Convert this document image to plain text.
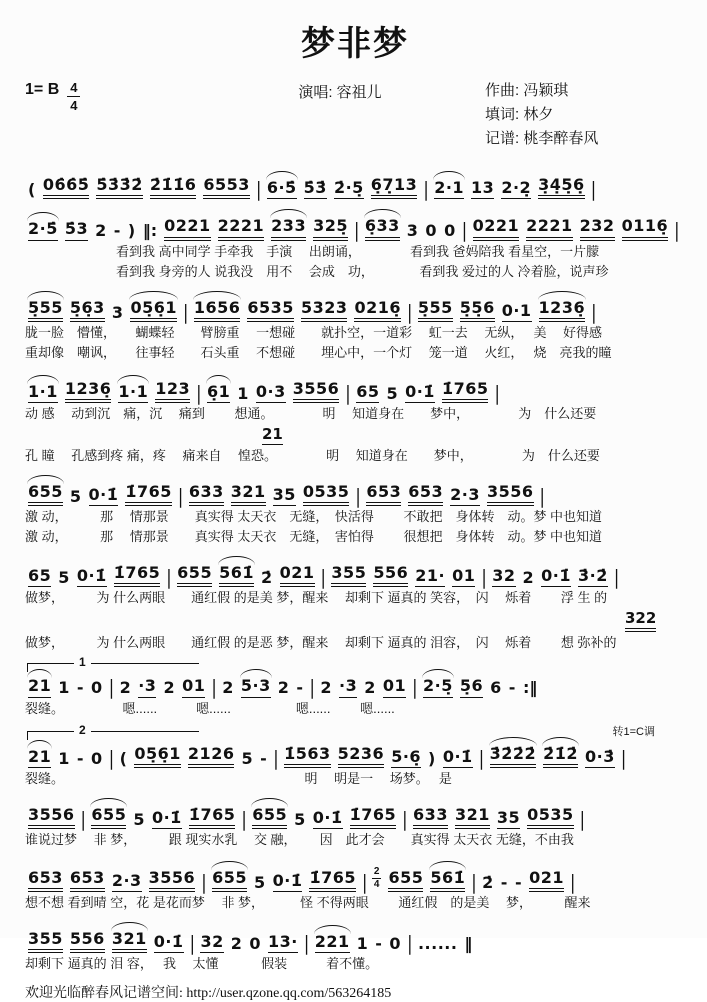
梦非梦
1= B $\frac{4}{4}$	演唱: 容祖儿	作曲: 冯颖琪
填词: 林夕
记谱: 桃李醉春风
( 06̇6̇5̇ 5̇3̇3̇2̇ 2̇1̇1̇6 6553 | 6·5̇ 5̇3̇ 2̇·5̣ 6̣7̣13 | 2·1 13 2·2̣ 3̣4̣5̣6̣ |
2·5̇ 5̇3 2 - ) ‖: 0221 2221 233 325̣ | 6̣33 3 0 0 | 0221 2221 232 0116̣ |
　　　　　　　看到我 高中同学 手牵我　手演　 出朗诵，　　　　 看到我 爸妈陪我 看星空，一片朦
　　　　　　　看到我 身旁的人 说我没　用不　 会成　功，　　　　看到我 爱过的人 冷着脸，说声珍
5̣55 5̣6̣3 3 05̣6̣1 | 1656 6535 5323 0216̣ | 5̣55 5̣5̣6 0·1 1236̣ |
胧一脸　懵懂，　　蝴蝶轻　　臂膀重　 一想碰　　就扑空，一道彩　 虹一去　 无纵，　 美　 好得感
重却像　嘲讽，　　往事轻　　石头重　 不想碰　　埋心中，一个灯　 笼一道　 火红，　 烧　亮我的瞳
1·1 1236̣ 1·1 123 | 6̣1 1 0·3 3556 | 65 5 0·1̇ 1̇765 |
动 感　 动到沉　痛，沉　 痛到　　 想通。　　　　 明　 知道身在　　梦中，　　　　 为　什么还要
21
孔 瞳　 孔感到疼 痛，疼　 痛来自　 惶恐。　　　　 明　 知道身在　　梦中，　　　　 为　什么还要
655 5 0·1̇ 1̇765 | 633 321 35 0535 | 653 653 2·3 3556 |
激 动，　　　那　 情那景　　真实得 太天衣　无缝，　快活得　　 不敢把　身体转　动。梦 中也知道
激 动，　　　那　 情那景　　真实得 太天衣　无缝，　害怕得　　 很想把　身体转　动。梦 中也知道
65 5 0·1̇ 1̇765 | 655 561̇ 2̇ 021 | 355 556 21· 01 | 32 2 0·1̇ 3̇·2̇ |
做梦，　　　为 什么两眼　　通红假 的是美 梦，醒来　 却剩下 逼真的 笑容，　闪　 烁着　　 浮 生 的
322
做梦，　　　为 什么两眼　　通红假 的是恶 梦，醒来　 却剩下 逼真的 泪容，　闪　 烁着　　 想 弥补的
1
21 1 - 0 | 2 ·3 2 01 | 2 5·3 2 - | 2 ·3 2 01 | 2·5̣ 5̣6 6 - :‖
裂缝。　　　　　嗯......　　　嗯......　　　　　嗯......　　 嗯......
2	转1=C调
21 1 - 0 | ( 05̣6̣1 2126 5 - | 1̇563 5236 5·6̣ ) 0·1̇ | 3̇2̇2̇2̇ 2̇1̇2̇ 0·3̇ |
裂缝。　　　　　　　　　　　　　　　　　　　明　 明是一　 场梦。　 是
3556 | 655 5 0·1̇ 1̇765 | 655 5 0·1̇ 1̇765 | 633 321 35 0535 |
谁说过梦　 非 梦，　　　跟 现实水乳　 交 融，　　 因　此才会　　真实得 太天衣 无缝，不由我
653 653 2·3 3556 | 655 5 0·1̇ 1̇765 | $\frac{2}{4} 655$ 561̇ | 2̇ - - 021 |
想不想 看到晴 空，花 是花而梦　 非 梦，　　　 怪 不得两眼　　 通红假　的是美　 梦，　　　醒来
355 556 321 0·1̇ | 32 2 0 13· | 221 1 - 0 | ...... ‖
却剩下 逼真的 泪 容，　 我　 太懂　　　 假装　　　着不懂。
欢迎光临醉春风记谱空间: http://user.qzone.qq.com/563264185
